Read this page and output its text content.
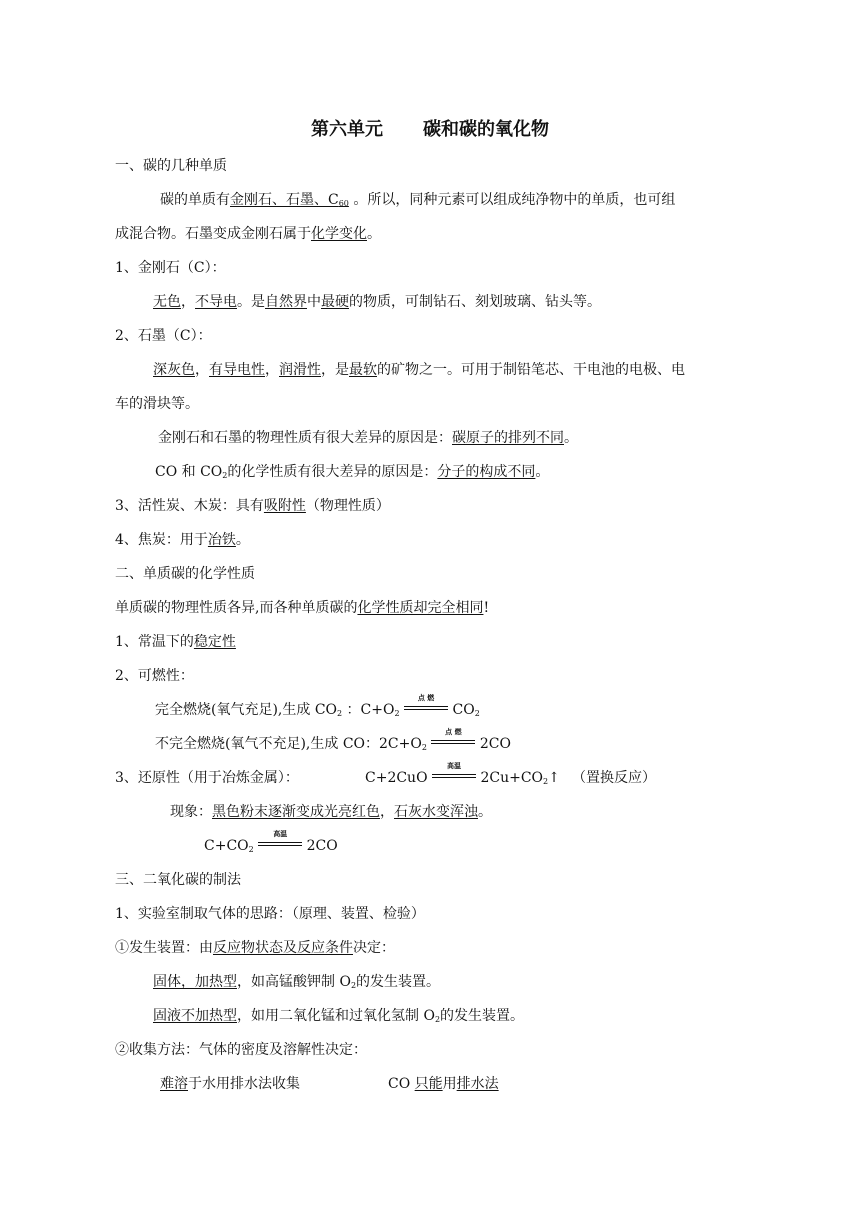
第六单元 碳和碳的氧化物
一、碳的几种单质
碳的单质有金刚石、石墨、$C_{60}$ 。所以，同种元素可以组成纯净物中的单质，也可组
成混合物。石墨变成金刚石属于化学变化。
1、金刚石（C）：
无色，不导电。是自然界中最硬的物质，可制钻石、刻划玻璃、钻头等。
2、石墨（C）：
深灰色，有导电性，润滑性，是最软的矿物之一。可用于制铅笔芯、干电池的电极、电
车的滑块等。
金刚石和石墨的物理性质有很大差异的原因是：碳原子的排列不同。
CO 和 $CO_2$的化学性质有很大差异的原因是：分子的构成不同。
3、活性炭、木炭：具有吸附性（物理性质）
4、焦炭：用于冶铁。
二、单质碳的化学性质
单质碳的物理性质各异,而各种单质碳的化学性质却完全相同!
1、常温下的稳定性
2、可燃性：
完全燃烧(氧气充足),生成 $CO_2$ ：$C+O_2$
点 燃
$CO_2$
不完全燃烧(氧气不充足),生成 CO：$2C+O_2$
点 燃
2CO
3、还原性（用于冶炼金属）：	C+2CuO
高温
$2Cu+CO_2↑$ （置换反应）
现象：黑色粉末逐渐变成光亮红色，石灰水变浑浊。
$C+CO_2$
高温
2CO
三、二氧化碳的制法
1、实验室制取气体的思路：（原理、装置、检验）
①发生装置：由反应物状态及反应条件决定：
固体，加热型，如高锰酸钾制 $O_2$的发生装置。
固液不加热型，如用二氧化锰和过氧化氢制 $O_2$的发生装置。
②收集方法：气体的密度及溶解性决定：
难溶于水用排水法收集	CO 只能用排水法
